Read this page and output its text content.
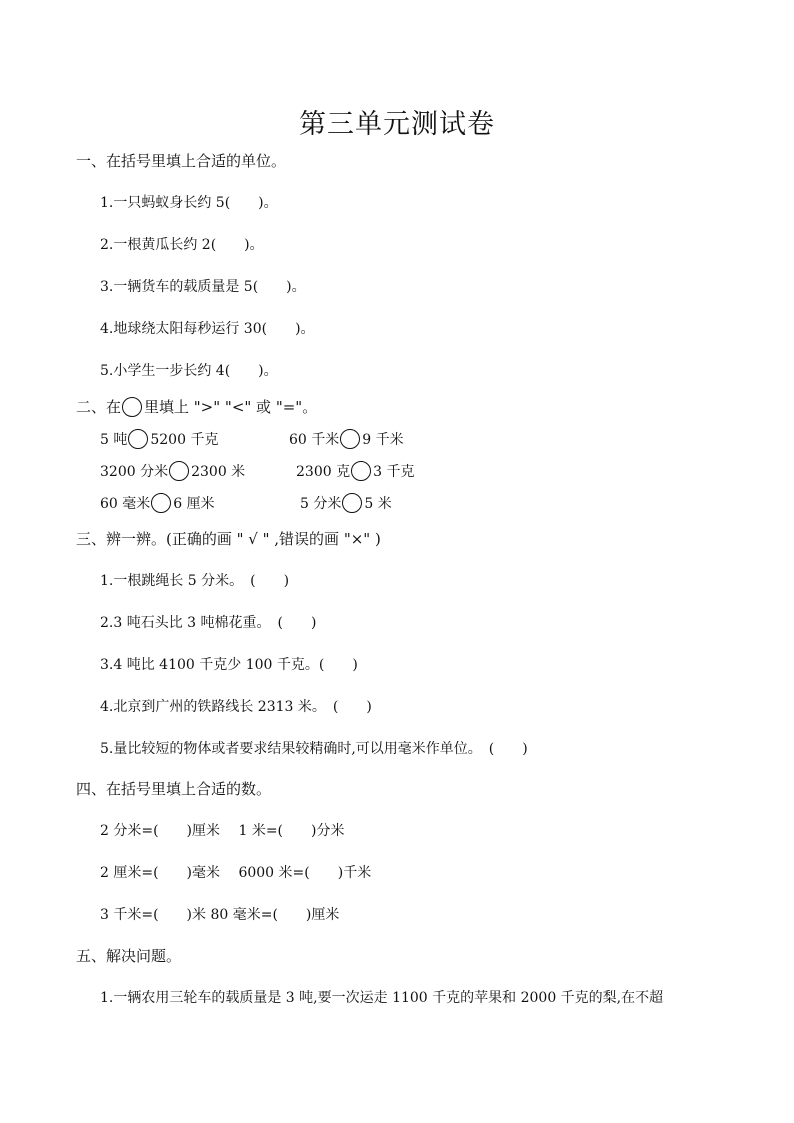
第三单元测试卷
一、在括号里填上合适的单位。
1.一只蚂蚁身长约 5(　　)。
2.一根黄瓜长约 2(　　)。
3.一辆货车的载质量是 5(　　)。
4.地球绕太阳每秒运行 30(　　)。
5.小学生一步长约 4(　　)。
二、在 里填上 ">" "<" 或 "="。
5 吨 5200 千克	60 千米 9 千米
3200 分米 2300 米	2300 克 3 千克
60 毫米 6 厘米	5 分米 5 米
三、辨一辨。(正确的画 " √ " ,错误的画 "×" )
1.一根跳绳长 5 分米。　(　　)
2.3 吨石头比 3 吨棉花重。　(　　)
3.4 吨比 4100 千克少 100 千克。(　　)
4.北京到广州的铁路线长 2313 米。　(　　)
5.量比较短的物体或者要求结果较精确时,可以用毫米作单位。　(　　)
四、在括号里填上合适的数。
2 分米=(　　)厘米　 1 米=(　　)分米
2 厘米=(　　)毫米　 6000 米=(　　)千米
3 千米=(　　)米 80 毫米=(　　)厘米
五、解决问题。
1.一辆农用三轮车的载质量是 3 吨,要一次运走 1100 千克的苹果和 2000 千克的梨,在不超
